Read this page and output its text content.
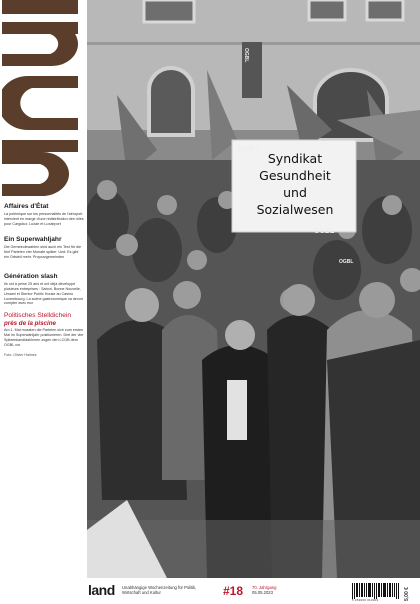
Affaires d'État

La polémique sur les personnalités de l'aéroport intervient en marge d'une redistribution des rôles pour Cargolux, Luxair et Luxairport

Ein Superwahljahr

Die Gemeindewahlen sind auch ein Test für die fünf Parteien vier Monate später. Und: Es gibt ein Ortsteil mehr. Proporzgemeinden

Génération slash

Ils ont à peine 25 ans et ont déjà développé plusieurs entreprises : Sabori, Bonne Nouvelle, Umami et Stentor Public House au Casino Luxembourg. La scène gastronomique va devoir compter avec eux

Politisches Stelldichein
près de la piscine

Am 1. Mai mussten die Parteien sich zum ersten Mal im Superwahljahr positionieren. Drei der vier Spitzenkandidat/innen zogen den LCGB dem OGBL vor

Foto: Olivier Halmes
Syndikat
Gesundheit
und
Sozialwesen
OGB L
OGBL
OGBL
OGBL
land Unabhängige Wochenzeitung für Politik, Wirtschaft und Kultur	#18 70. Jahrgang
05.05.2023
5 453000 010003	5,00 €
